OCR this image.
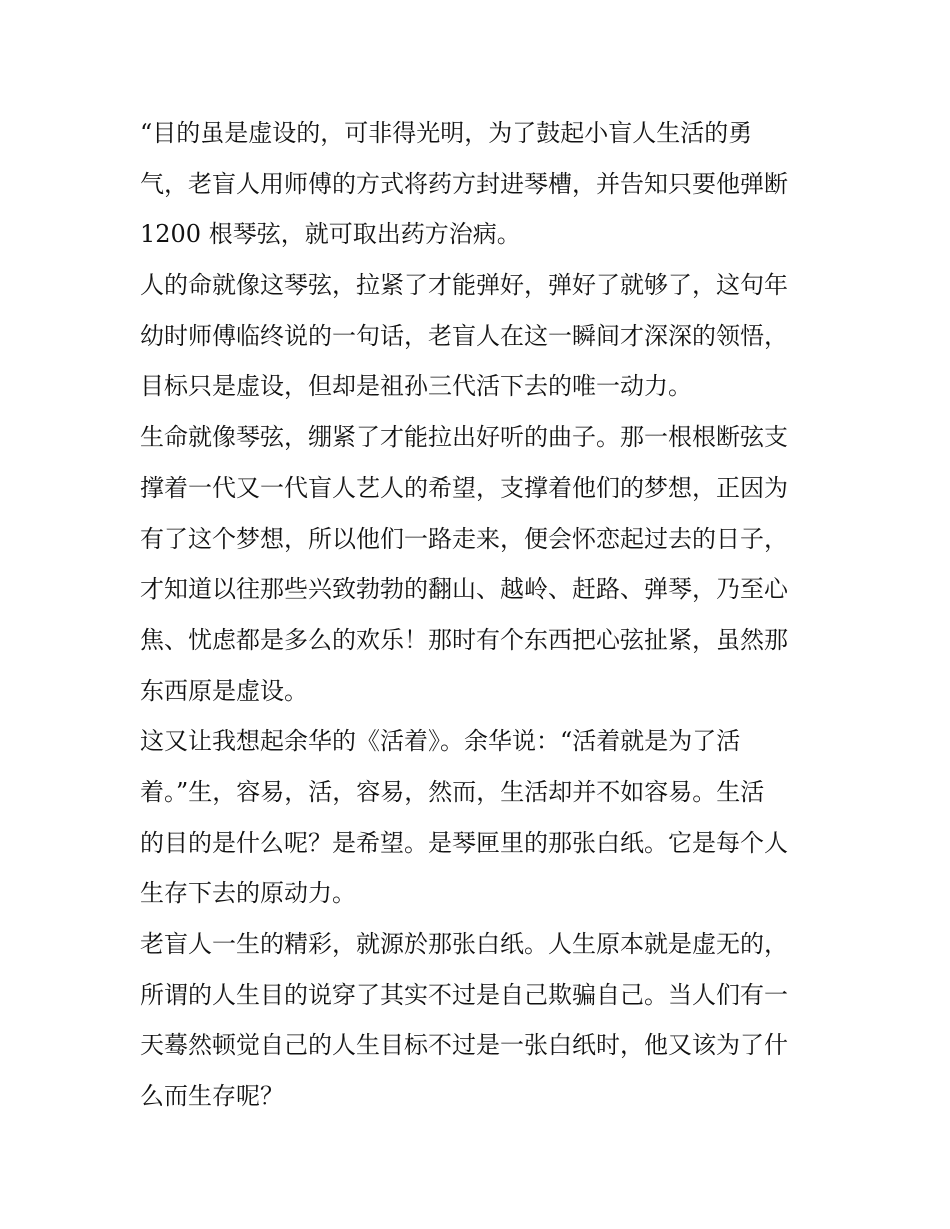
“目的虽是虚设的，可非得光明，为了鼓起小盲人生活的勇
气，老盲人用师傅的方式将药方封进琴槽，并告知只要他弹断
1200 根琴弦，就可取出药方治病。
人的命就像这琴弦，拉紧了才能弹好，弹好了就够了，这句年
幼时师傅临终说的一句话，老盲人在这一瞬间才深深的领悟，
目标只是虚设，但却是祖孙三代活下去的唯一动力。
生命就像琴弦，绷紧了才能拉出好听的曲子。那一根根断弦支
撑着一代又一代盲人艺人的希望，支撑着他们的梦想，正因为
有了这个梦想，所以他们一路走来，便会怀恋起过去的日子，
才知道以往那些兴致勃勃的翻山、越岭、赶路、弹琴，乃至心
焦、忧虑都是多么的欢乐！那时有个东西把心弦扯紧，虽然那
东西原是虚设。
这又让我想起余华的《活着》。余华说：“活着就是为了活
着。”生，容易，活，容易，然而，生活却并不如容易。生活
的目的是什么呢？是希望。是琴匣里的那张白纸。它是每个人
生存下去的原动力。
老盲人一生的精彩，就源於那张白纸。人生原本就是虚无的，
所谓的人生目的说穿了其实不过是自己欺骗自己。当人们有一
天蓦然顿觉自己的人生目标不过是一张白纸时，他又该为了什
么而生存呢？
